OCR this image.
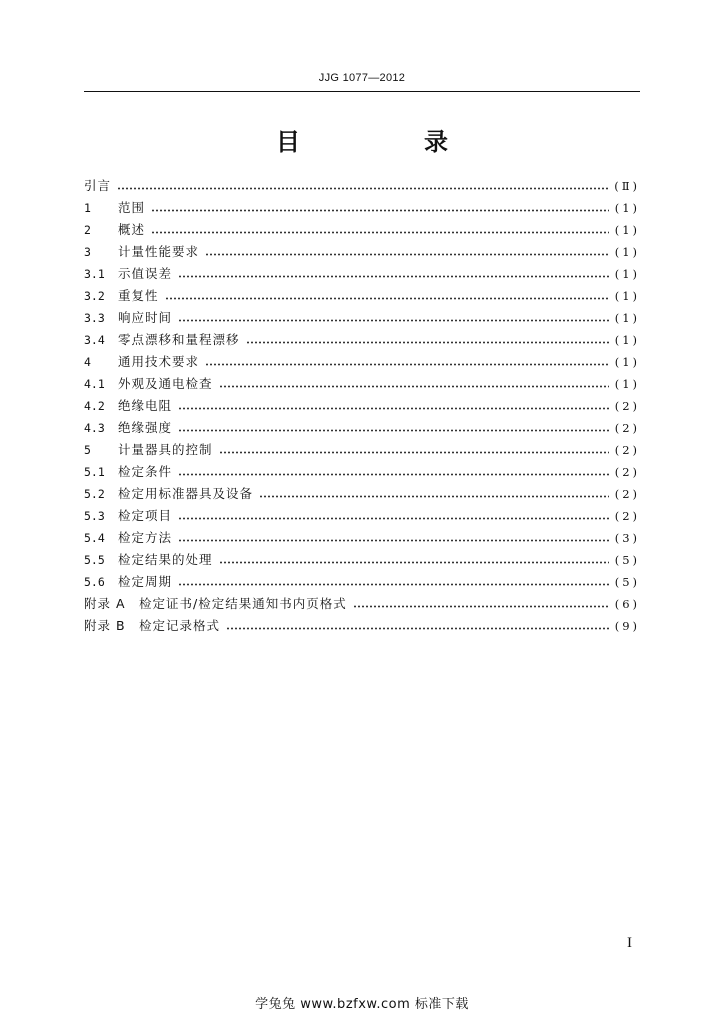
JJG 1077—2012
目　录
引言	(Ⅱ)
1	范围	(1)
2	概述	(1)
3	计量性能要求	(1)
3.1	示值误差	(1)
3.2	重复性	(1)
3.3	响应时间	(1)
3.4	零点漂移和量程漂移	(1)
4	通用技术要求	(1)
4.1	外观及通电检查	(1)
4.2	绝缘电阻	(2)
4.3	绝缘强度	(2)
5	计量器具的控制	(2)
5.1	检定条件	(2)
5.2	检定用标准器具及设备	(2)
5.3	检定项目	(2)
5.4	检定方法	(3)
5.5	检定结果的处理	(5)
5.6	检定周期	(5)
附录 A　检定证书/检定结果通知书内页格式	(6)
附录 B　检定记录格式	(9)
I
学兔兔 www.bzfxw.com 标准下载
